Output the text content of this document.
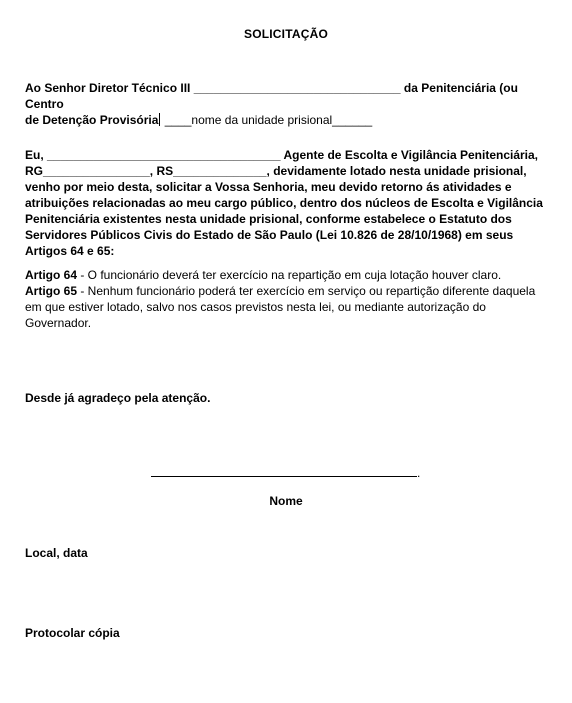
SOLICITAÇÃO
Ao Senhor Diretor Técnico III _______________________________ da Penitenciária (ou Centro
de Detenção Provisória ____nome da unidade prisional______
Eu, ___________________________________ Agente de Escolta e Vigilância Penitenciária,
RG________________, RS______________, devidamente lotado nesta unidade prisional,
venho por meio desta, solicitar a Vossa Senhoria, meu devido retorno ás atividades e
atribuições relacionadas ao meu cargo público, dentro dos núcleos de Escolta e Vigilância
Penitenciária existentes nesta unidade prisional, conforme estabelece o Estatuto dos
Servidores Públicos Civis do Estado de São Paulo (Lei 10.826 de 28/10/1968) em seus
Artigos 64 e 65:
Artigo 64 - O funcionário deverá ter exercício na repartição em cuja lotação houver claro.
Artigo 65 - Nenhum funcionário poderá ter exercício em serviço ou repartição diferente daquela
em que estiver lotado, salvo nos casos previstos nesta lei, ou mediante autorização do
Governador.
Desde já agradeço pela atenção.
.
Nome
Local, data
Protocolar cópia
